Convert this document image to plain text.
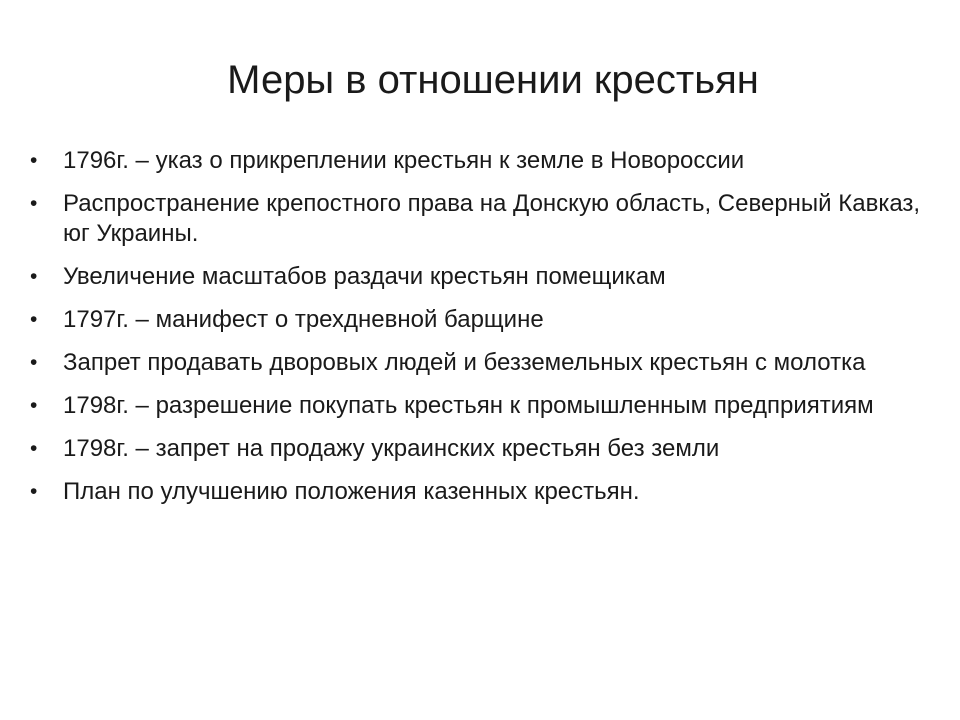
Меры в отношении крестьян
•	1796г. – указ о прикреплении крестьян к земле в Новороссии
•	Распространение крепостного права на Донскую область, Северный Кавказ, юг Украины.
•	Увеличение масштабов раздачи крестьян помещикам
•	1797г. – манифест о трехдневной барщине
•	Запрет продавать дворовых людей и безземельных крестьян с молотка
•	1798г. – разрешение покупать крестьян к промышленным предприятиям
•	1798г. – запрет на продажу украинских крестьян без земли
•	План по улучшению положения казенных крестьян.
